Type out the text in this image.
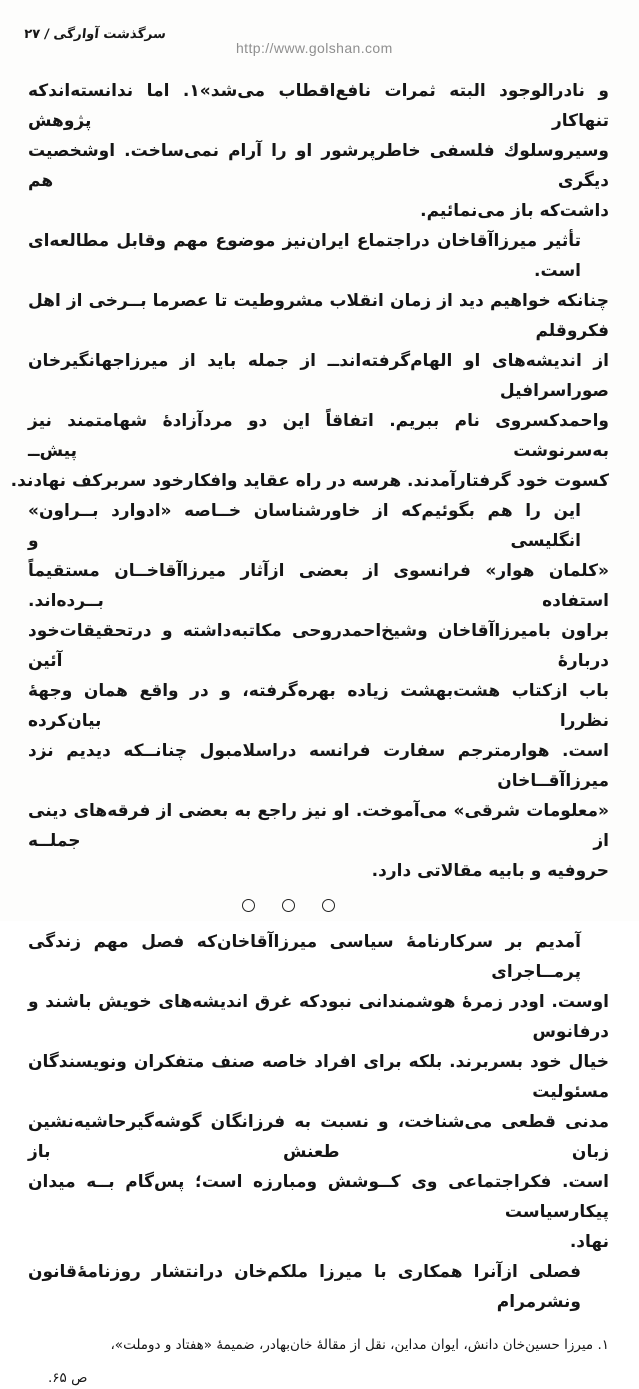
سرگذشت آوارگی / ۲۷
http://www.golshan.com
و نادرالوجود البته ثمرات نافع‌اقطاب می‌شد»۱. اما ندانسته‌اندکه تنهاکار پژوهش
وسیروسلوك فلسفی خاطرپرشور او را آرام نمی‌ساخت. اوشخصیت دیگری هم
داشت‌که باز می‌نمائیم.
تأثیر میرزاآقاخان دراجتماع ایران‌نیز موضوع مهم وقابل مطالعه‌ای است.
چنانکه خواهیم دید از زمان انقلاب مشروطیت تا عصرما بــرخی از اهل فکروقلم
از اندیشه‌های او الهام‌گرفته‌اندــ از جمله باید از میرزاجهانگیرخان صوراسرافیل
واحمدکسروی نام ببریم. اتفاقاً این دو مردآزادهٔ شهامتمند نیز به‌سرنوشت پیش‌ــ
کسوت خود گرفتارآمدند. هرسه در راه عقاید وافکارخود سربرکف نهادند.
این را هم بگوئیم‌که از خاورشناسان خــاصه «ادوارد بــراون» انگلیسی و
«کلمان هوار» فرانسوی از بعضی ازآثار میرزاآقاخــان مستقیماً استفاده بــرده‌اند.
براون بامیرزاآقاخان وشیخ‌احمدروحی مکاتبه‌داشته و درتحقیقات‌خود دربارهٔ آئین
باب ازکتاب هشت‌بهشت زیاده بهره‌گرفته، و در واقع همان وجههٔ نظررا بیان‌کرده
است. هوارمترجم سفارت فرانسه دراسلامبول چنانــکه دیدیم نزد میرزاآقــاخان
«معلومات شرقی» می‌آموخت. او نیز راجع به بعضی از فرقه‌های دینی از جملــه
حروفیه و بابیه مقالاتی دارد.
آمدیم بر سرکارنامهٔ سیاسی میرزاآقاخان‌که فصل مهم زندگی پرمــاجرای
اوست. اودر زمرهٔ هوشمندانی نبودکه غرق اندیشه‌های خویش باشند و درفانوس
خیال خود بسربرند. بلکه برای افراد خاصه صنف متفکران ونویسندگان مسئولیت
مدنی قطعی می‌شناخت، و نسبت به فرزانگان گوشه‌گیرحاشیه‌نشین زبان طعنش باز
است. فکراجتماعی وی کــوشش ومبارزه است؛ پس‌گام بــه میدان پیکارسیاست
نهاد.
فصلی ازآنرا همکاری با میرزا ملکم‌خان درانتشار روزنامهٔ‌قانون ونشرمرام
۱. میرزا حسین‌خان دانش، ایوان مداین، نقل از مقالهٔ خان‌بهادر، ضمیمهٔ «هفتاد و دوملت»،
ص ۶۵.
